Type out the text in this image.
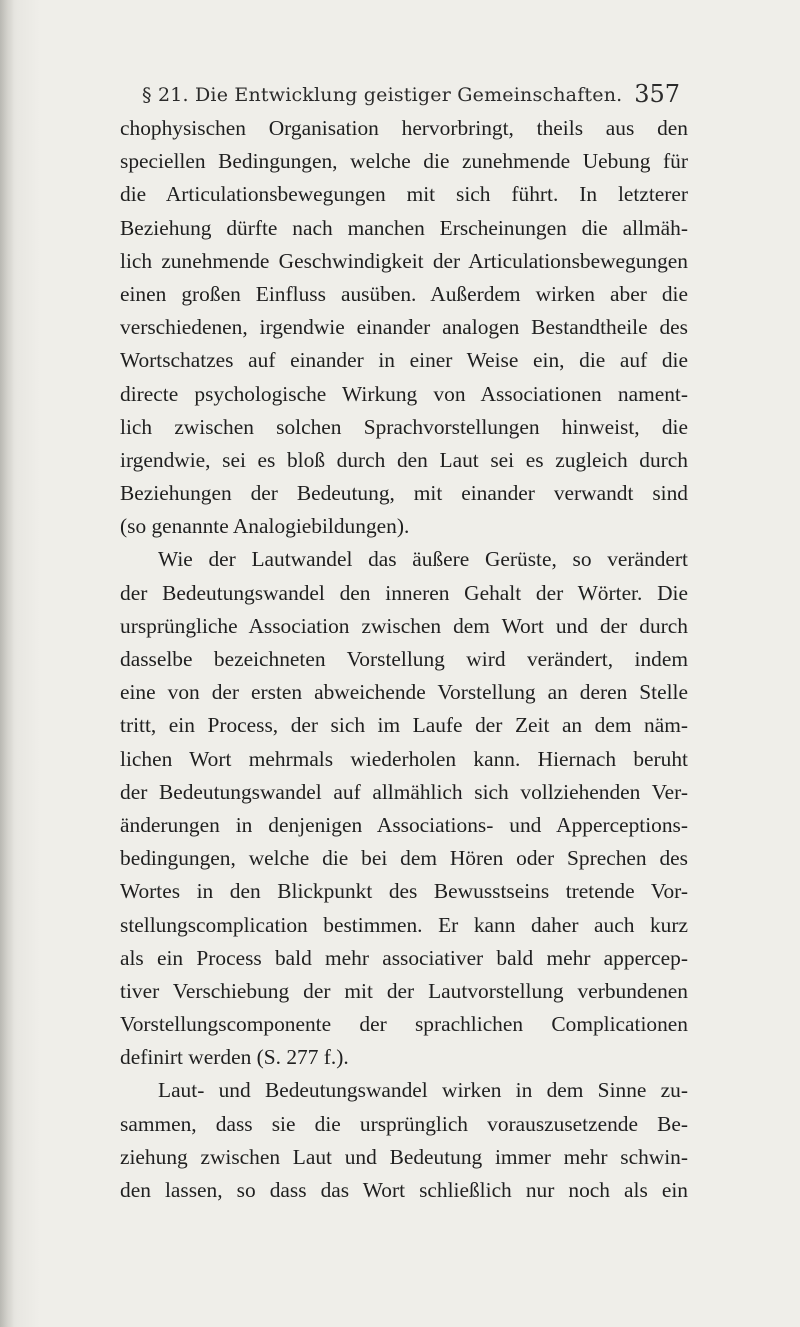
§ 21. Die Entwicklung geistiger Gemeinschaften. 357
chophysischen Organisation hervorbringt, theils aus den
speciellen Bedingungen, welche die zunehmende Uebung für
die Articulationsbewegungen mit sich führt. In letzterer
Beziehung dürfte nach manchen Erscheinungen die allmäh-
lich zunehmende Geschwindigkeit der Articulationsbewegungen
einen großen Einfluss ausüben. Außerdem wirken aber die
verschiedenen, irgendwie einander analogen Bestandtheile des
Wortschatzes auf einander in einer Weise ein, die auf die
directe psychologische Wirkung von Associationen nament-
lich zwischen solchen Sprachvorstellungen hinweist, die
irgendwie, sei es bloß durch den Laut sei es zugleich durch
Beziehungen der Bedeutung, mit einander verwandt sind
(so genannte Analogiebildungen).
Wie der Lautwandel das äußere Gerüste, so verändert
der Bedeutungswandel den inneren Gehalt der Wörter. Die
ursprüngliche Association zwischen dem Wort und der durch
dasselbe bezeichneten Vorstellung wird verändert, indem
eine von der ersten abweichende Vorstellung an deren Stelle
tritt, ein Process, der sich im Laufe der Zeit an dem näm-
lichen Wort mehrmals wiederholen kann. Hiernach beruht
der Bedeutungswandel auf allmählich sich vollziehenden Ver-
änderungen in denjenigen Associations- und Apperceptions-
bedingungen, welche die bei dem Hören oder Sprechen des
Wortes in den Blickpunkt des Bewusstseins tretende Vor-
stellungscomplication bestimmen. Er kann daher auch kurz
als ein Process bald mehr associativer bald mehr appercep-
tiver Verschiebung der mit der Lautvorstellung verbundenen
Vorstellungscomponente der sprachlichen Complicationen
definirt werden (S. 277 f.).
Laut- und Bedeutungswandel wirken in dem Sinne zu-
sammen, dass sie die ursprünglich vorauszusetzende Be-
ziehung zwischen Laut und Bedeutung immer mehr schwin-
den lassen, so dass das Wort schließlich nur noch als ein
